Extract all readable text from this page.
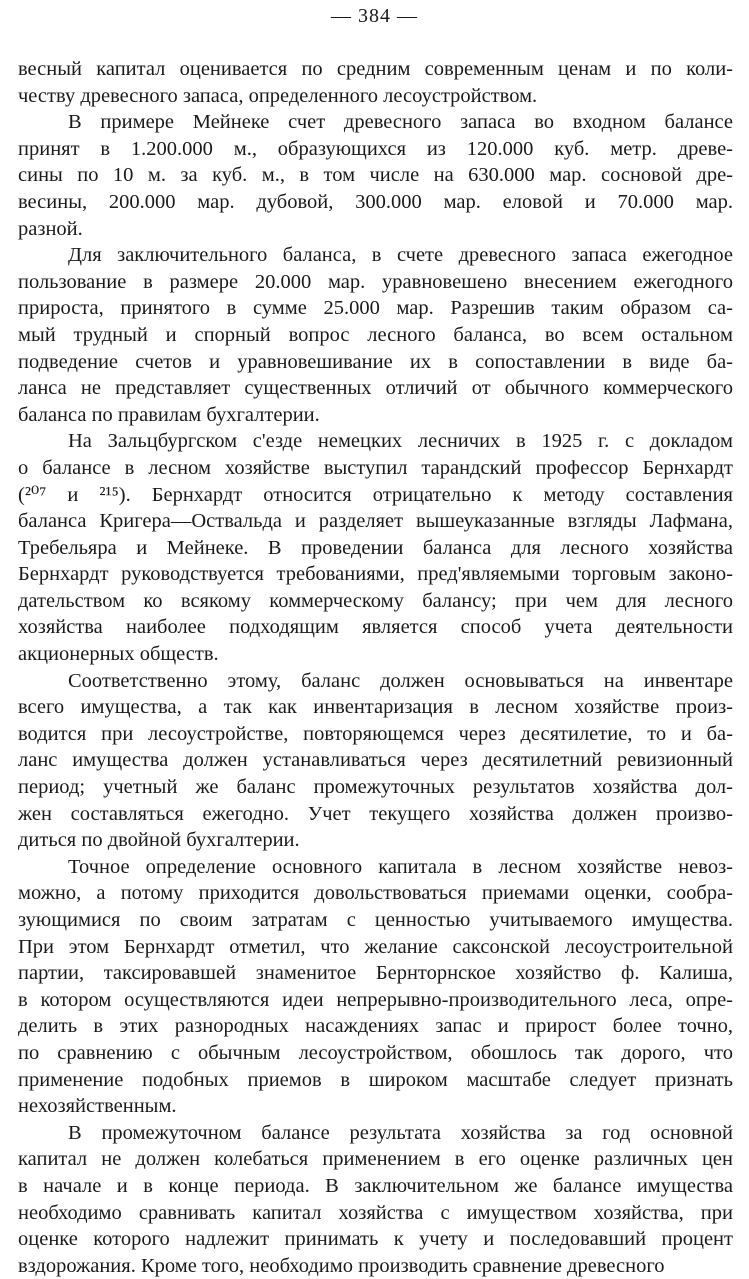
— 384 —
весный капитал оценивается по средним современным ценам и по коли-
честву древесного запаса, определенного лесоустройством.
В примере Мейнеке счет древесного запаса во входном балансе
принят в 1.200.000 м., образующихся из 120.000 куб. метр. древе-
сины по 10 м. за куб. м., в том числе на 630.000 мар. сосновой дре-
весины, 200.000 мар. дубовой, 300.000 мар. еловой и 70.000 мар.
разной.
Для заключительного баланса, в счете древесного запаса ежегодное
пользование в размере 20.000 мар. уравновешено внесением ежегодного
прироста, принятого в сумме 25.000 мар. Разрешив таким образом са-
мый трудный и спорный вопрос лесного баланса, во всем остальном
подведение счетов и уравновешивание их в сопоставлении в виде ба-
ланса не представляет существенных отличий от обычного коммерческого
баланса по правилам бухгалтерии.
На Зальцбургском с'езде немецких лесничих в 1925 г. с докладом
о балансе в лесном хозяйстве выступил тарандский профессор Бернхардт
(²⁰⁷ и ²¹⁵). Бернхардт относится отрицательно к методу составления
баланса Кригера—Оствальда и разделяет вышеуказанные взгляды Лафмана,
Требельяра и Мейнеке. В проведении баланса для лесного хозяйства
Бернхардт руководствуется требованиями, пред'являемыми торговым законо-
дательством ко всякому коммерческому балансу; при чем для лесного
хозяйства наиболее подходящим является способ учета деятельности
акционерных обществ.
Соответственно этому, баланс должен основываться на инвентаре
всего имущества, а так как инвентаризация в лесном хозяйстве произ-
водится при лесоустройстве, повторяющемся через десятилетие, то и ба-
ланс имущества должен устанавливаться через десятилетний ревизионный
период; учетный же баланс промежуточных результатов хозяйства дол-
жен составляться ежегодно. Учет текущего хозяйства должен произво-
диться по двойной бухгалтерии.
Точное определение основного капитала в лесном хозяйстве невоз-
можно, а потому приходится довольствоваться приемами оценки, сообра-
зующимися по своим затратам с ценностью учитываемого имущества.
При этом Бернхардт отметил, что желание саксонской лесоустроительной
партии, таксировавшей знаменитое Бернторнское хозяйство ф. Калиша,
в котором осуществляются идеи непрерывно-производительного леса, опре-
делить в этих разнородных насаждениях запас и прирост более точно,
по сравнению с обычным лесоустройством, обошлось так дорого, что
применение подобных приемов в широком масштабе следует признать
нехозяйственным.
В промежуточном балансе результата хозяйства за год основной
капитал не должен колебаться применением в его оценке различных цен
в начале и в конце периода. В заключительном же балансе имущества
необходимо сравнивать капитал хозяйства с имуществом хозяйства, при
оценке которого надлежит принимать к учету и последовавший процент
вздорожания. Кроме того, необходимо производить сравнение древесного
